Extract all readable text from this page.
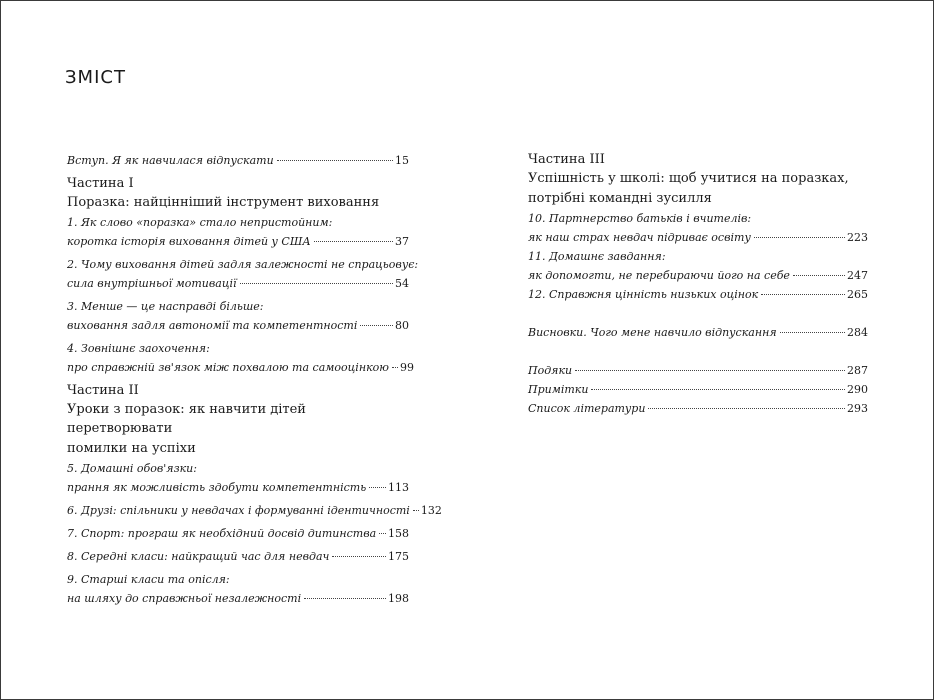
ЗМІСТ
Вступ. Я як навчилася відпускати	15
Частина I
Поразка: найцінніший інструмент виховання
1. Як слово «поразка» стало непристойним:
коротка історія виховання дітей у США	37
2. Чому виховання дітей задля залежності не спрацьовує:
сила внутрішньої мотивації	54
3. Менше — це насправді більше:
виховання задля автономії та компетентності	80
4. Зовнішнє заохочення:
про справжній зв'язок між похвалою та самооцінкою 99
Частина II
Уроки з поразок: як навчити дітей перетворювати
помилки на успіхи
5. Домашні обов'язки:
прання як можливість здобути компетентність 113
6. Друзі: спільники у невдачах і формуванні ідентичності 132
7. Спорт: програш як необхідний досвід дитинства 158
8. Середні класи: найкращий час для невдач	175
9. Старші класи та опісля:
на шляху до справжньої незалежності	198
Частина III
Успішність у школі: щоб учитися на поразках,
потрібні командні зусилля
10. Партнерство батьків і вчителів:
як наш страх невдач підриває освіту	223
11. Домашнє завдання:
як допомогти, не перебираючи його на себе	247
12. Справжня цінність низьких оцінок	265
Висновки. Чого мене навчило відпускання	284
Подяки	287
Примітки	290
Список літератури	293
